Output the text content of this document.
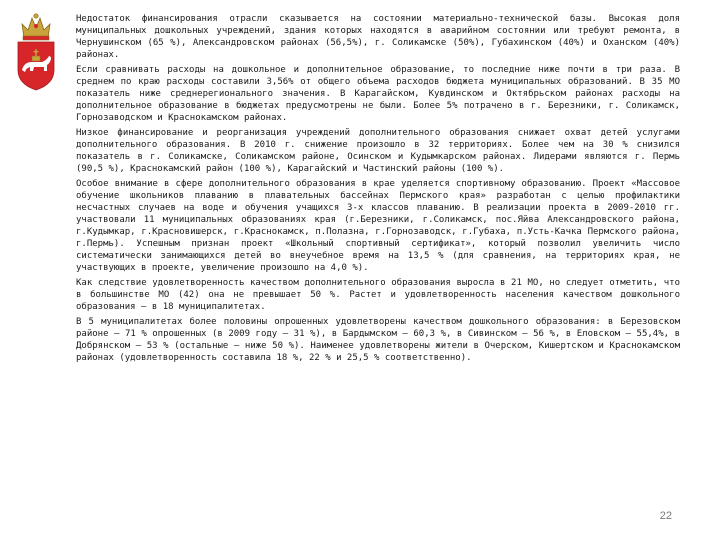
Недостаток финансирования отрасли сказывается на состоянии материально-технической базы. Высокая доля муниципальных дошкольных учреждений, здания которых находятся в аварийном состоянии или требуют ремонта, в Чернушинском (65 %), Александровском районах (56,5%), г. Соликамске (50%), Губахинском (40%) и Оханском (40%) районах.

Если сравнивать расходы на дошкольное и дополнительное образование, то последние ниже почти в три раза. В среднем по краю расходы составили 3,56% от общего объема расходов бюджета муниципальных образований. В 35 МО показатель ниже среднерегионального значения. В Карагайском, Кувдинском и Октябрьском районах расходы на дополнительное образование в бюджетах предусмотрены не были. Более 5% потрачено в г. Березники, г. Соликамск, Горнозаводском и Краснокамском районах.

Низкое финансирование и реорганизация учреждений дополнительного образования снижает охват детей услугами дополнительного образования. В 2010 г. снижение произошло в 32 территориях. Более чем на 30 % снизился показатель в г. Соликамске, Соликамском районе, Осинском и Кудымкарском районах. Лидерами являются г. Пермь (90,5 %), Краснокамский район (100 %), Карагайский и Частинский районы (100 %).

Особое внимание в сфере дополнительного образования в крае уделяется спортивному образованию. Проект «Массовое обучение школьников плаванию в плавательных бассейнах Пермского края» разработан с целью профилактики несчастных случаев на воде и обучения учащихся 3-х классов плаванию. В реализации проекта в 2009-2010 гг. участвовали 11 муниципальных образованиях края (г.Березники, г.Соликамск, пос.Яйва Александровского района, г.Кудымкар, г.Красновишерск, г.Краснокамск, п.Полазна, г.Горнозаводск, г.Губаха, п.Усть-Качка Пермского района, г.Пермь). Успешным признан проект «Школьный спортивный сертификат», который позволил увеличить число систематически занимающихся детей во внеучебное время на 13,5 % (для сравнения, на территориях края, не участвующих в проекте, увеличение произошло на 4,0 %).

Как следствие удовлетворенность качеством дополнительного образования выросла в 21 МО, но следует отметить, что в большинстве МО (42) она не превышает 50 %. Растет и удовлетворенность населения качеством дошкольного образования – в 18 муниципалитетах.

В 5 муниципалитетах более половины опрошенных удовлетворены качеством дошкольного образования: в Березовском районе – 71 % опрошенных (в 2009 году – 31 %), в Бардымском – 60,3 %, в Сивинском – 56 %, в Еловском – 55,4%, в Добрянском – 53 % (остальные – ниже 50 %). Наименее удовлетворены жители в Очерском, Кишертском и Краснокамском районах (удовлетворенность составила 18 %, 22 % и 25,5 % соответственно).

22
